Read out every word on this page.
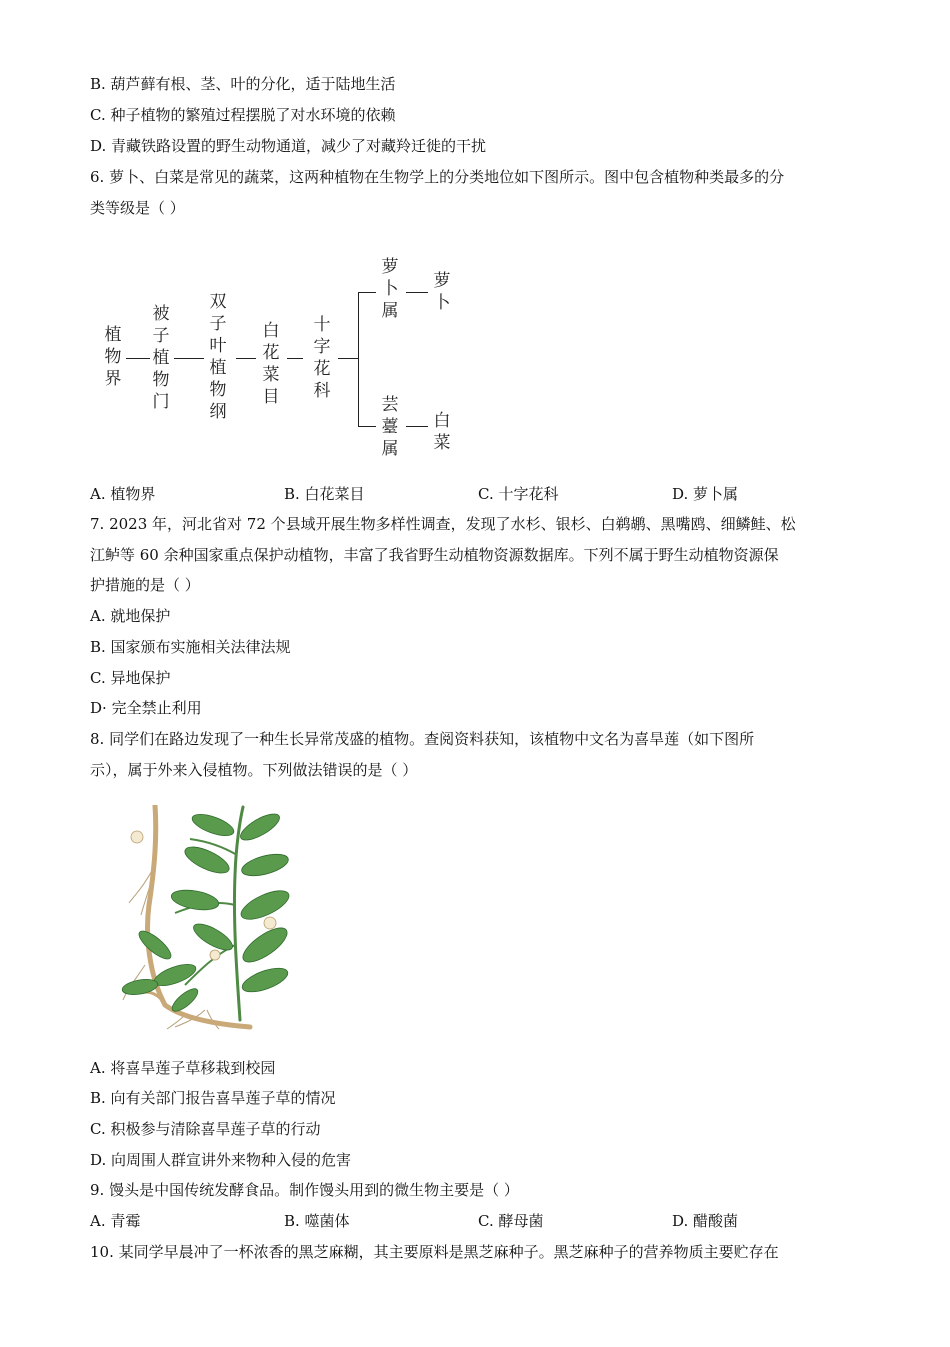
B. 葫芦藓有根、茎、叶的分化，适于陆地生活
C. 种子植物的繁殖过程摆脱了对水环境的依赖
D. 青藏铁路设置的野生动物通道，减少了对藏羚迁徙的干扰
6. 萝卜、白菜是常见的蔬菜，这两种植物在生物学上的分类地位如下图所示。图中包含植物种类最多的分
类等级是（ ）
植
物
界
被
子
植
物
门
双
子
叶
植
物
纲
白
花
菜
目
十
字
花
科
萝
卜
属
萝
卜
芸
薹
属
白
菜
A. 植物界	B. 白花菜目	C. 十字花科	D. 萝卜属
7. 2023 年，河北省对 72 个县域开展生物多样性调查，发现了水杉、银杉、白鹈鹕、黑嘴鸥、细鳞鲑、松
江鲈等 60 余种国家重点保护动植物，丰富了我省野生动植物资源数据库。下列不属于野生动植物资源保
护措施的是（ ）
A. 就地保护
B. 国家颁布实施相关法律法规
C. 异地保护
D· 完全禁止利用
8. 同学们在路边发现了一种生长异常茂盛的植物。查阅资料获知，该植物中文名为喜旱莲（如下图所
示），属于外来入侵植物。下列做法错误的是（ ）
A. 将喜旱莲子草移栽到校园
B. 向有关部门报告喜旱莲子草的情况
C. 积极参与清除喜旱莲子草的行动
D. 向周围人群宣讲外来物种入侵的危害
9. 馒头是中国传统发酵食品。制作馒头用到的微生物主要是（ ）
A. 青霉	B. 噬菌体	C. 酵母菌	D. 醋酸菌
10. 某同学早晨冲了一杯浓香的黑芝麻糊，其主要原料是黑芝麻种子。黑芝麻种子的营养物质主要贮存在
